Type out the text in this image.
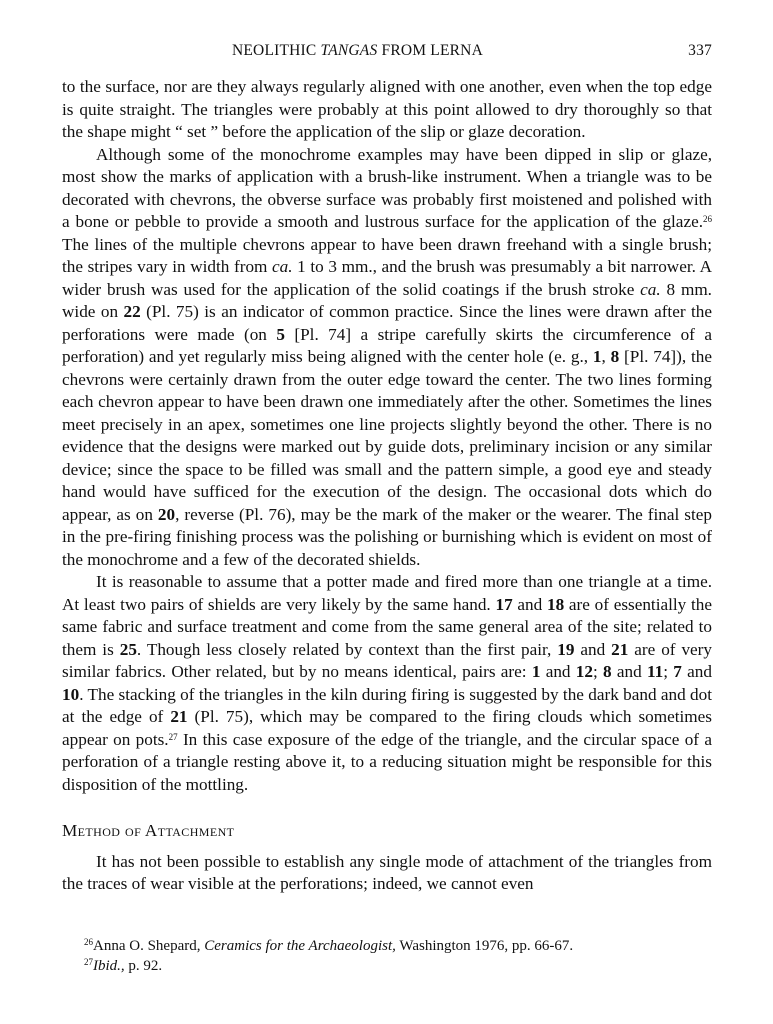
NEOLITHIC TANGAS FROM LERNA	337

to the surface, nor are they always regularly aligned with one another, even when the top edge is quite straight. The triangles were probably at this point allowed to dry thoroughly so that the shape might “ set ” before the application of the slip or glaze decoration.

Although some of the monochrome examples may have been dipped in slip or glaze, most show the marks of application with a brush-like instrument. When a triangle was to be decorated with chevrons, the obverse surface was probably first moistened and polished with a bone or pebble to provide a smooth and lustrous surface for the application of the glaze.$^{26}$ The lines of the multiple chevrons appear to have been drawn freehand with a single brush; the stripes vary in width from ca. 1 to 3 mm., and the brush was presumably a bit narrower. A wider brush was used for the application of the solid coatings if the brush stroke ca. 8 mm. wide on 22 (Pl. 75) is an indicator of common practice. Since the lines were drawn after the perforations were made (on 5 [Pl. 74] a stripe carefully skirts the circumference of a perforation) and yet regularly miss being aligned with the center hole (e. g., 1, 8 [Pl. 74]), the chevrons were certainly drawn from the outer edge toward the center. The two lines forming each chevron appear to have been drawn one immediately after the other. Sometimes the lines meet precisely in an apex, sometimes one line projects slightly beyond the other. There is no evidence that the designs were marked out by guide dots, preliminary incision or any similar device; since the space to be filled was small and the pattern simple, a good eye and steady hand would have sufficed for the execution of the design. The occasional dots which do appear, as on 20, reverse (Pl. 76), may be the mark of the maker or the wearer. The final step in the pre-firing finishing process was the polishing or burnishing which is evident on most of the monochrome and a few of the decorated shields.

It is reasonable to assume that a potter made and fired more than one triangle at a time. At least two pairs of shields are very likely by the same hand. 17 and 18 are of essentially the same fabric and surface treatment and come from the same general area of the site; related to them is 25. Though less closely related by context than the first pair, 19 and 21 are of very similar fabrics. Other related, but by no means identical, pairs are: 1 and 12; 8 and 11; 7 and 10. The stacking of the triangles in the kiln during firing is suggested by the dark band and dot at the edge of 21 (Pl. 75), which may be compared to the firing clouds which sometimes appear on pots.$^{27}$ In this case exposure of the edge of the triangle, and the circular space of a perforation of a triangle resting above it, to a reducing situation might be responsible for this disposition of the mottling.

Method of Attachment

It has not been possible to establish any single mode of attachment of the triangles from the traces of wear visible at the perforations; indeed, we cannot even

$^{26}$Anna O. Shepard, Ceramics for the Archaeologist, Washington 1976, pp. 66-67.

$^{27}$Ibid., p. 92.
